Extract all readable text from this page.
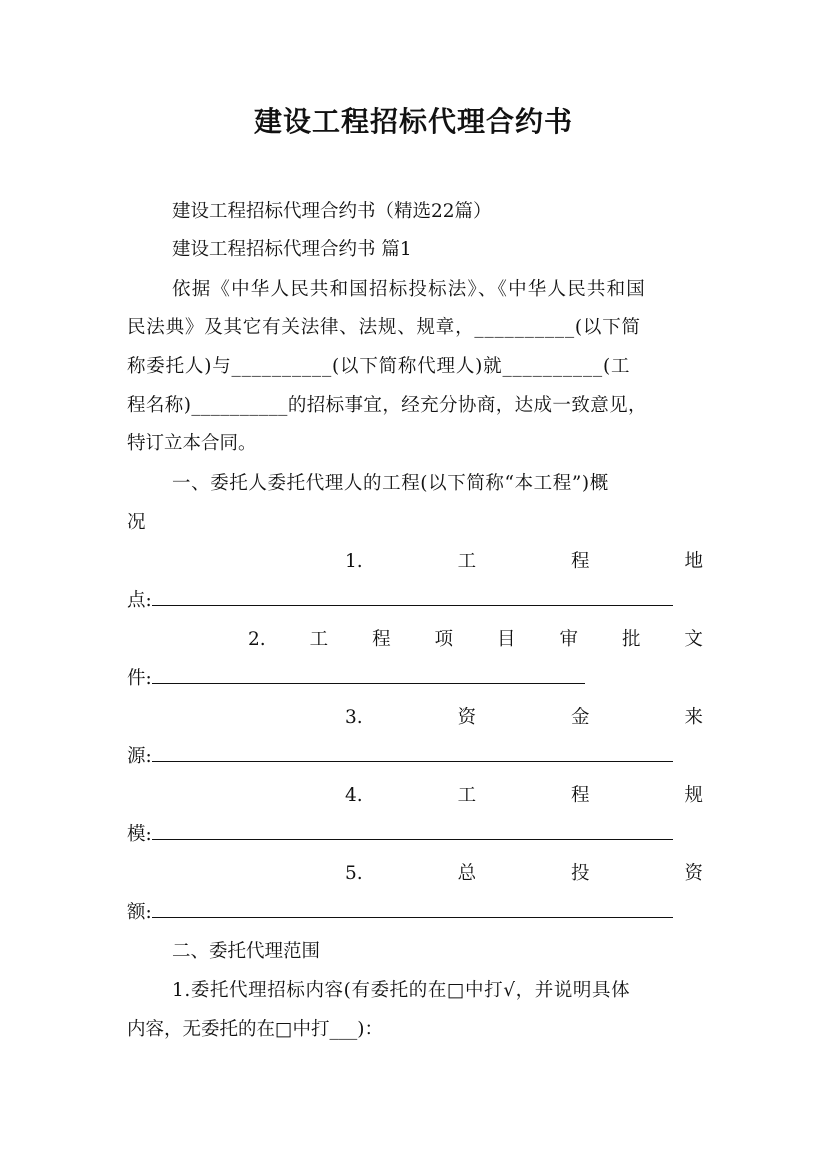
建设工程招标代理合约书
建设工程招标代理合约书（精选22篇）
建设工程招标代理合约书 篇1
依据《中华人民共和国招标投标法》、《中华人民共和国
民法典》及其它有关法律、法规、规章，__________(以下简
称委托人)与__________(以下简称代理人)就__________(工
程名称)__________的招标事宜，经充分协商，达成一致意见，
特订立本合同。
一、委托人委托代理人的工程(以下简称“本工程”)概
况
1.	工	程	地
点:
2. 工 程 项 目 审 批 文
件:
3.	资	金	来
源:
4.	工	程	规
模:
5.	总	投	资
额:
二、委托代理范围
1.委托代理招标内容(有委托的在□中打√，并说明具体
内容，无委托的在□中打___)：
